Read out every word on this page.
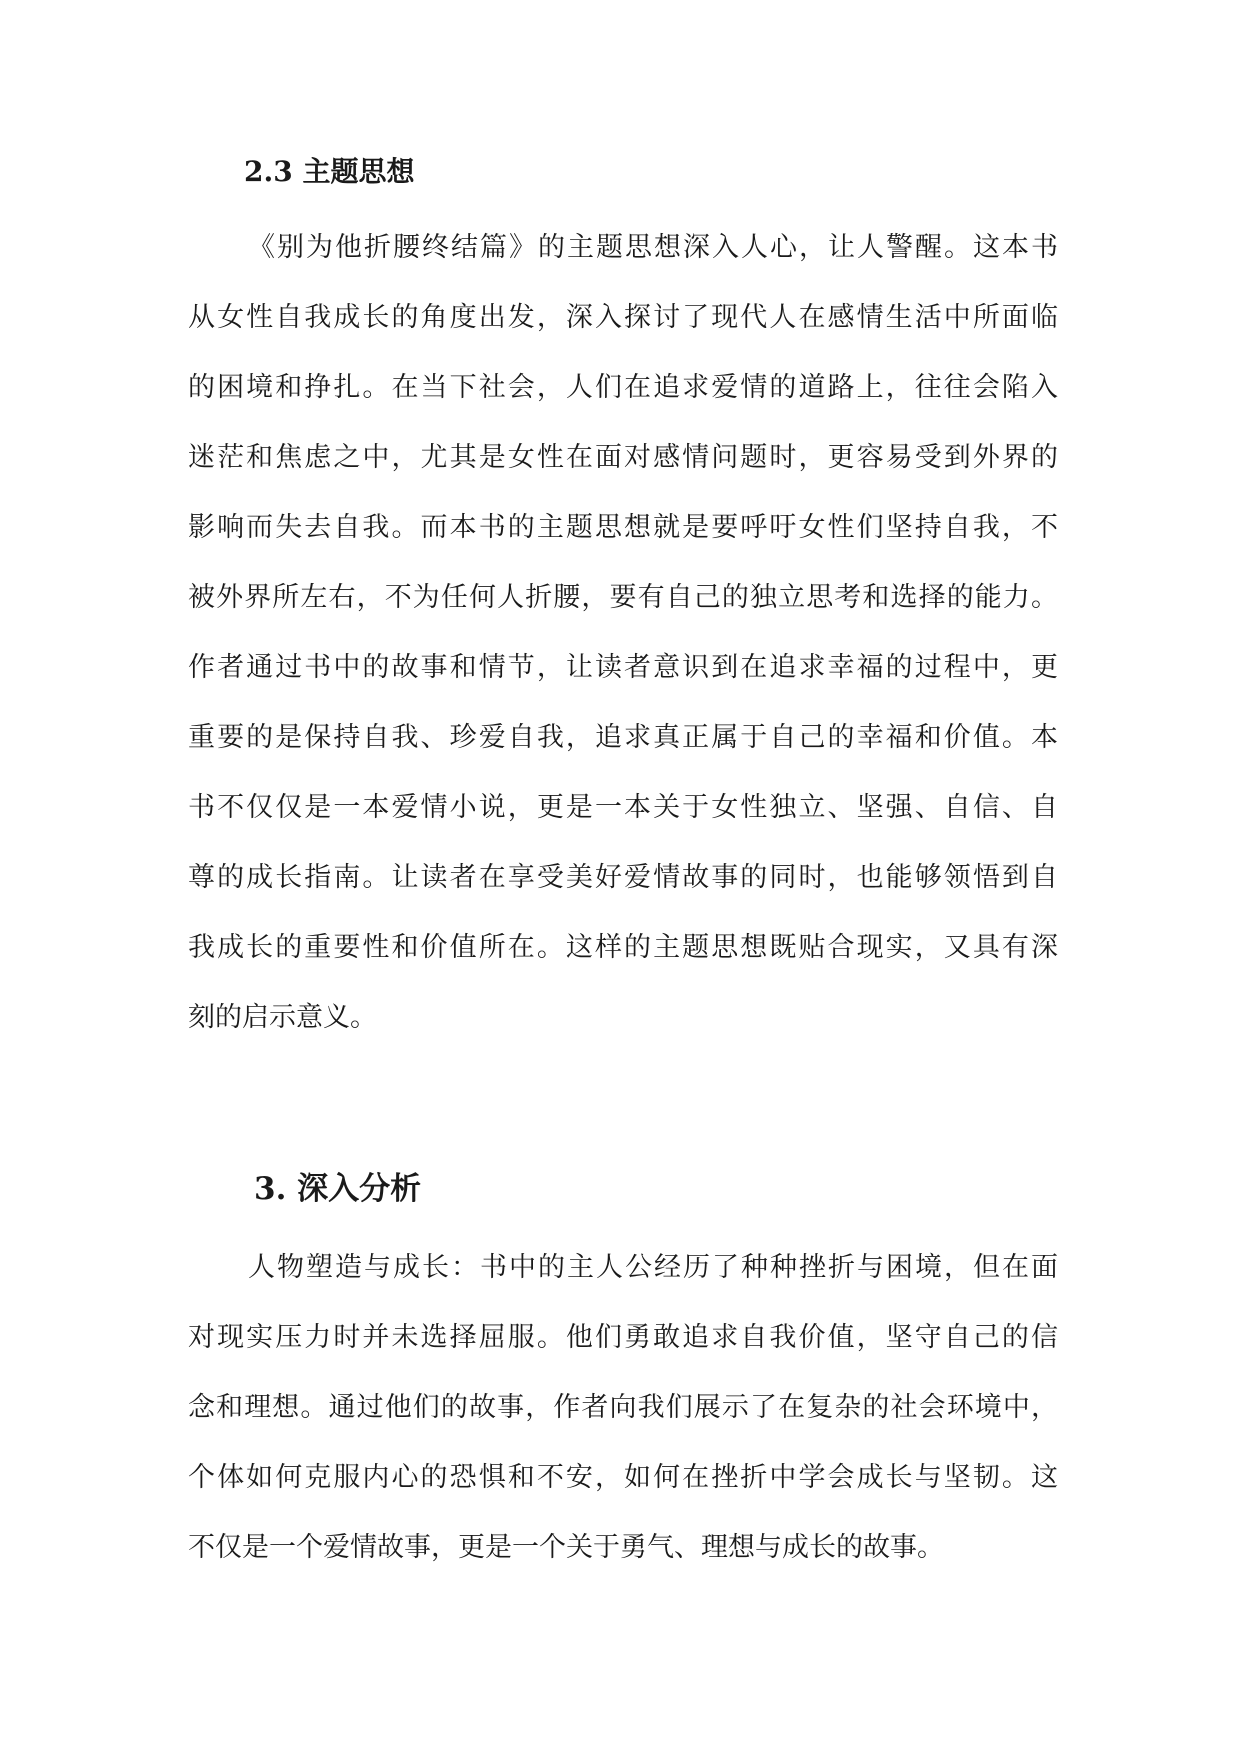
2.3 主题思想
《别为他折腰终结篇》的主题思想深入人心，让人警醒。这本书
从女性自我成长的角度出发，深入探讨了现代人在感情生活中所面临
的困境和挣扎。在当下社会，人们在追求爱情的道路上，往往会陷入
迷茫和焦虑之中，尤其是女性在面对感情问题时，更容易受到外界的
影响而失去自我。而本书的主题思想就是要呼吁女性们坚持自我，不
被外界所左右，不为任何人折腰，要有自己的独立思考和选择的能力。
作者通过书中的故事和情节，让读者意识到在追求幸福的过程中，更
重要的是保持自我、珍爱自我，追求真正属于自己的幸福和价值。本
书不仅仅是一本爱情小说，更是一本关于女性独立、坚强、自信、自
尊的成长指南。让读者在享受美好爱情故事的同时，也能够领悟到自
我成长的重要性和价值所在。这样的主题思想既贴合现实，又具有深
刻的启示意义。
3. 深入分析
人物塑造与成长：书中的主人公经历了种种挫折与困境，但在面
对现实压力时并未选择屈服。他们勇敢追求自我价值，坚守自己的信
念和理想。通过他们的故事，作者向我们展示了在复杂的社会环境中，
个体如何克服内心的恐惧和不安，如何在挫折中学会成长与坚韧。这
不仅是一个爱情故事，更是一个关于勇气、理想与成长的故事。
